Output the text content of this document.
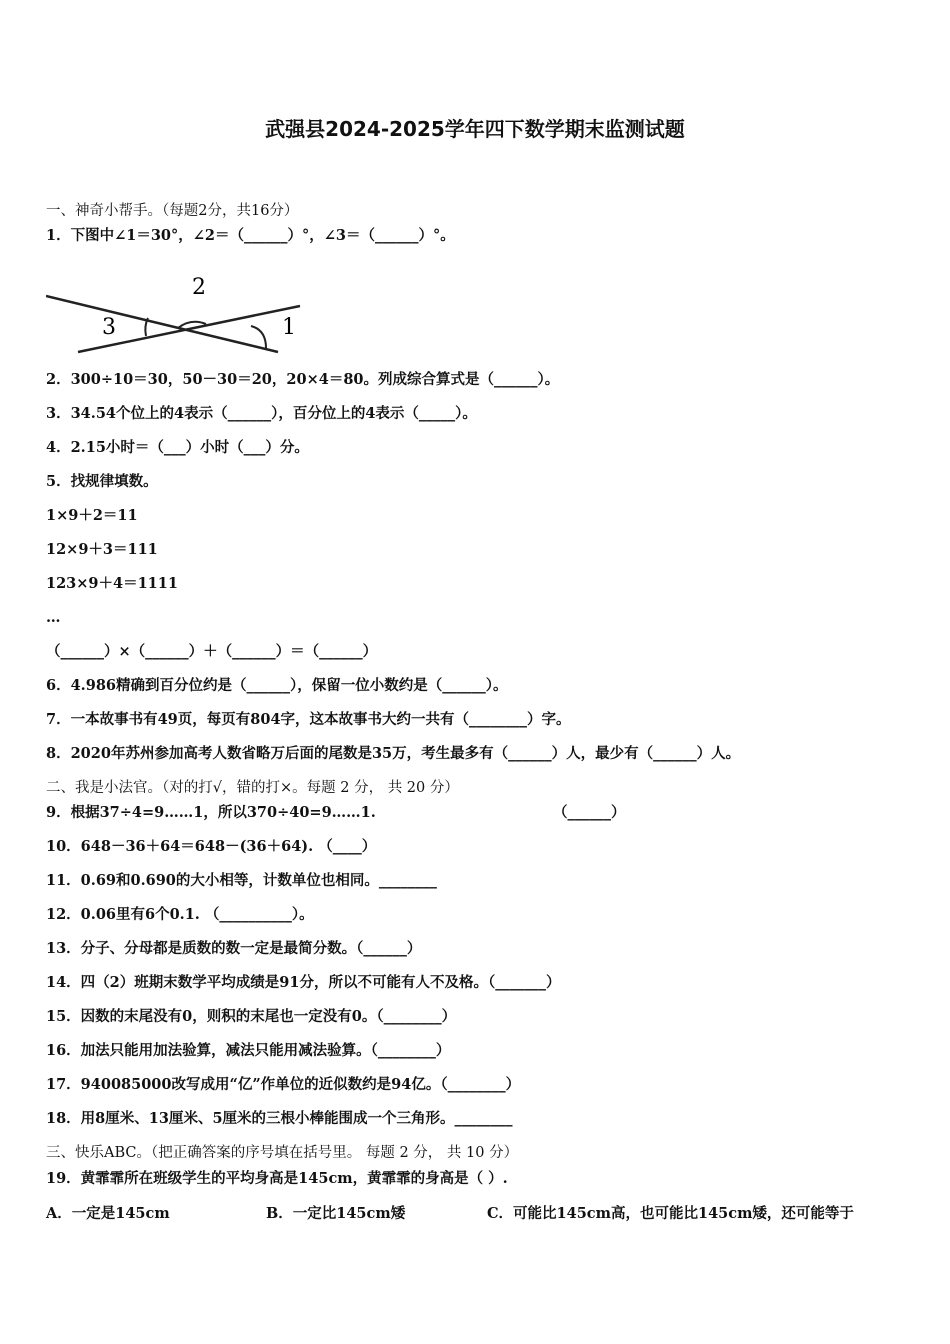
武强县2024-2025学年四下数学期末监测试题
一、神奇小帮手。（每题2分，共16分）
1．下图中∠1＝30°，∠2＝（______）°，∠3＝（______）°。
2
3	1
2．300÷10＝30，50－30＝20，20×4＝80。列成综合算式是（______）。
3．34.54个位上的4表示（______），百分位上的4表示（_____）。
4．2.15小时＝（___）小时（___）分。
5．找规律填数。
1×9＋2＝11
12×9＋3＝111
123×9＋4＝1111
…
（______）×（______）＋（______）＝（______）
6．4.986精确到百分位约是（______），保留一位小数约是（______）。
7．一本故事书有49页，每页有804字，这本故事书大约一共有（________）字。
8．2020年苏州参加高考人数省略万后面的尾数是35万，考生最多有（______）人，最少有（______）人。
二、我是小法官。（对的打√，错的打×。每题 2 分， 共 20 分）
9．根据37÷4=9……1，所以370÷40=9……1.	（______）
10．648－36＋64＝648－(36＋64). （____）
11．0.69和0.690的大小相等，计数单位也相同。________
12．0.06里有6个0.1. （__________）。
13．分子、分母都是质数的数一定是最简分数。（______）
14．四（2）班期末数学平均成绩是91分，所以不可能有人不及格。（_______）
15．因数的末尾没有0，则积的末尾也一定没有0。（________）
16．加法只能用加法验算，减法只能用减法验算。（________）
17．940085000改写成用“亿”作单位的近似数约是94亿。（________）
18．用8厘米、13厘米、5厘米的三根小棒能围成一个三角形。________
三、快乐ABC。（把正确答案的序号填在括号里。 每题 2 分， 共 10 分）
19．黄霏霏所在班级学生的平均身高是145cm，黄霏霏的身高是（ ）.
A．一定是145cm	B．一定比145cm矮	C．可能比145cm高，也可能比145cm矮，还可能等于
